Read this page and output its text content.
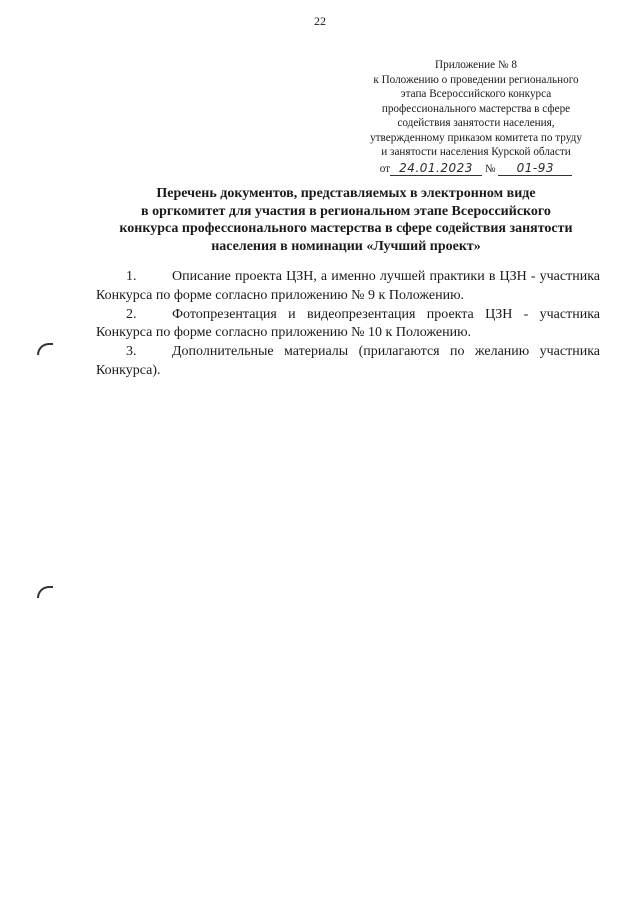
22
Приложение № 8
к Положению о проведении регионального
этапа Всероссийского конкурса
профессионального мастерства в сфере
содействия занятости населения,
утвержденному приказом комитета по труду
и занятости населения Курской области
от 24.01.2023 № 01-93
Перечень документов, представляемых в электронном виде
в оргкомитет для участия в региональном этапе Всероссийского
конкурса профессионального мастерства в сфере содействия занятости
населения в номинации «Лучший проект»

1.	Описание проекта ЦЗН, а именно лучшей практики в ЦЗН - участника Конкурса по форме согласно приложению № 9 к Положению.

2.	Фотопрезентация и видеопрезентация проекта ЦЗН - участника Конкурса по форме согласно приложению № 10 к Положению.

3.	Дополнительные материалы (прилагаются по желанию участника Конкурса).
